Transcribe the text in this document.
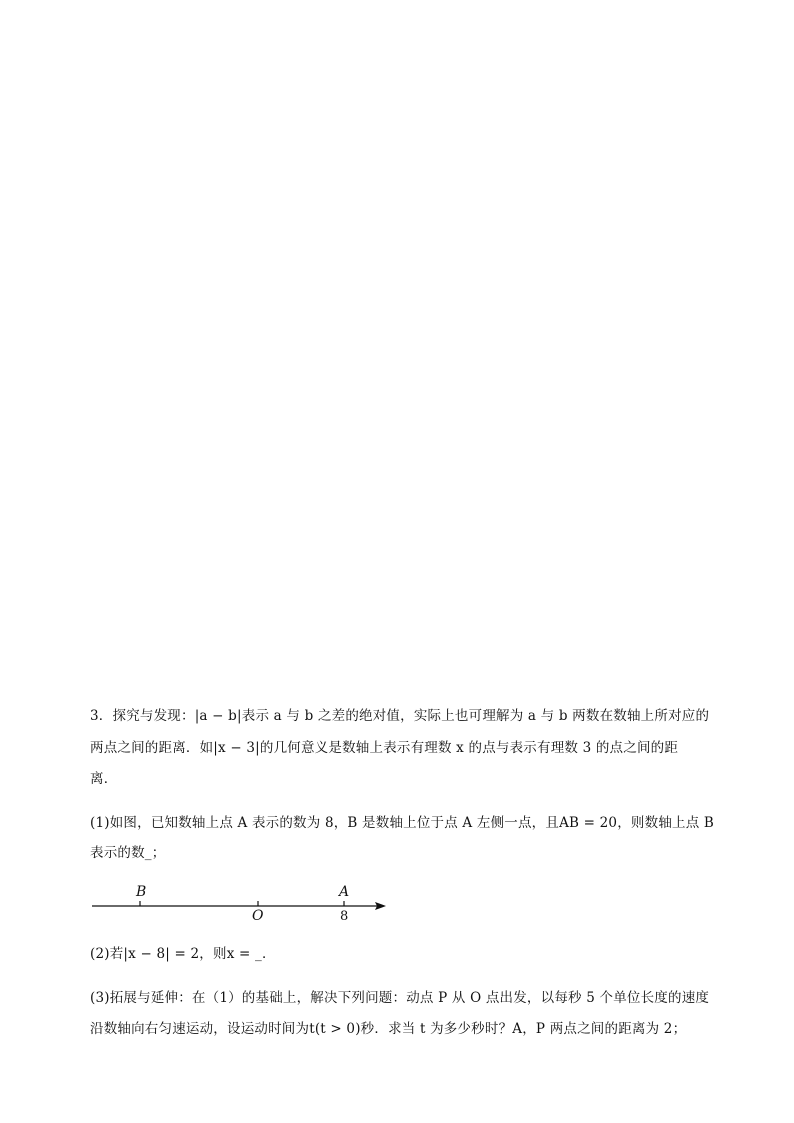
3．探究与发现：|a − b|表示 a 与 b 之差的绝对值，实际上也可理解为 a 与 b 两数在数轴上所对应的
两点之间的距离．如|x − 3|的几何意义是数轴上表示有理数 x 的点与表示有理数 3 的点之间的距
离．
(1)如图，已知数轴上点 A 表示的数为 8，B 是数轴上位于点 A 左侧一点，且AB = 20，则数轴上点 B
表示的数_；
B
O
A
8
(2)若|x − 8| = 2，则x = _．
(3)拓展与延伸：在（1）的基础上，解决下列问题：动点 P 从 O 点出发，以每秒 5 个单位长度的速度
沿数轴向右匀速运动，设运动时间为t(t > 0)秒．求当 t 为多少秒时？A，P 两点之间的距离为 2；
